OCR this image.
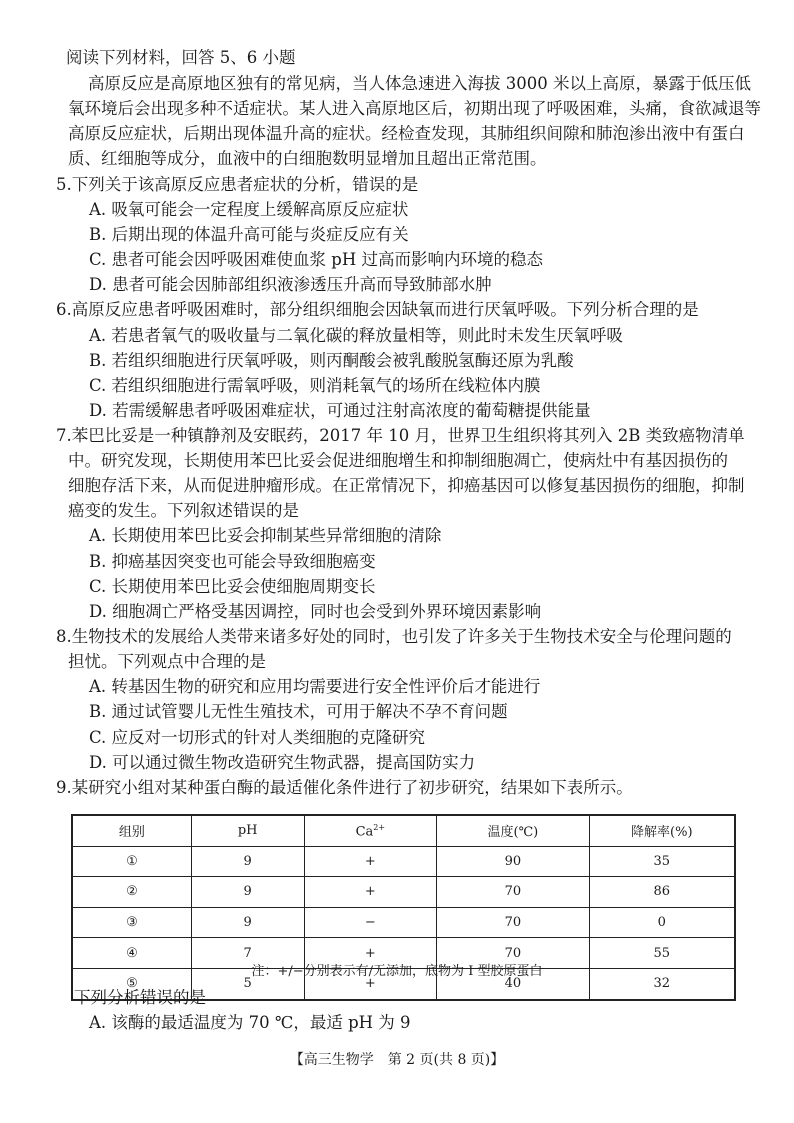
阅读下列材料，回答 5、6 小题
高原反应是高原地区独有的常见病，当人体急速进入海拔 3000 米以上高原，暴露于低压低
氧环境后会出现多种不适症状。某人进入高原地区后，初期出现了呼吸困难，头痛，食欲减退等
高原反应症状，后期出现体温升高的症状。经检查发现，其肺组织间隙和肺泡渗出液中有蛋白
质、红细胞等成分，血液中的白细胞数明显增加且超出正常范围。
5.下列关于该高原反应患者症状的分析，错误的是
A. 吸氧可能会一定程度上缓解高原反应症状
B. 后期出现的体温升高可能与炎症反应有关
C. 患者可能会因呼吸困难使血浆 pH 过高而影响内环境的稳态
D. 患者可能会因肺部组织液渗透压升高而导致肺部水肿
6.高原反应患者呼吸困难时，部分组织细胞会因缺氧而进行厌氧呼吸。下列分析合理的是
A. 若患者氧气的吸收量与二氧化碳的释放量相等，则此时未发生厌氧呼吸
B. 若组织细胞进行厌氧呼吸，则丙酮酸会被乳酸脱氢酶还原为乳酸
C. 若组织细胞进行需氧呼吸，则消耗氧气的场所在线粒体内膜
D. 若需缓解患者呼吸困难症状，可通过注射高浓度的葡萄糖提供能量
7.苯巴比妥是一种镇静剂及安眠药，2017 年 10 月，世界卫生组织将其列入 2B 类致癌物清单
中。研究发现，长期使用苯巴比妥会促进细胞增生和抑制细胞凋亡，使病灶中有基因损伤的
细胞存活下来，从而促进肿瘤形成。在正常情况下，抑癌基因可以修复基因损伤的细胞，抑制
癌变的发生。下列叙述错误的是
A. 长期使用苯巴比妥会抑制某些异常细胞的清除
B. 抑癌基因突变也可能会导致细胞癌变
C. 长期使用苯巴比妥会使细胞周期变长
D. 细胞凋亡严格受基因调控，同时也会受到外界环境因素影响
8.生物技术的发展给人类带来诸多好处的同时，也引发了许多关于生物技术安全与伦理问题的
担忧。下列观点中合理的是
A. 转基因生物的研究和应用均需要进行安全性评价后才能进行
B. 通过试管婴儿无性生殖技术，可用于解决不孕不育问题
C. 应反对一切形式的针对人类细胞的克隆研究
D. 可以通过微生物改造研究生物武器，提高国防实力
9.某研究小组对某种蛋白酶的最适催化条件进行了初步研究，结果如下表所示。
组别	pH	$Ca^{2+}$	温度(℃)	降解率(%)
①	9	+	90	35
②	9	+	70	86
③	9	−	70	0
④	7	+	70	55
⑤	5	+	40	32
注：+/−分别表示有/无添加，底物为 I 型胶原蛋白
下列分析错误的是
A. 该酶的最适温度为 70 ℃，最适 pH 为 9
【高三生物学　第 2 页(共 8 页)】
